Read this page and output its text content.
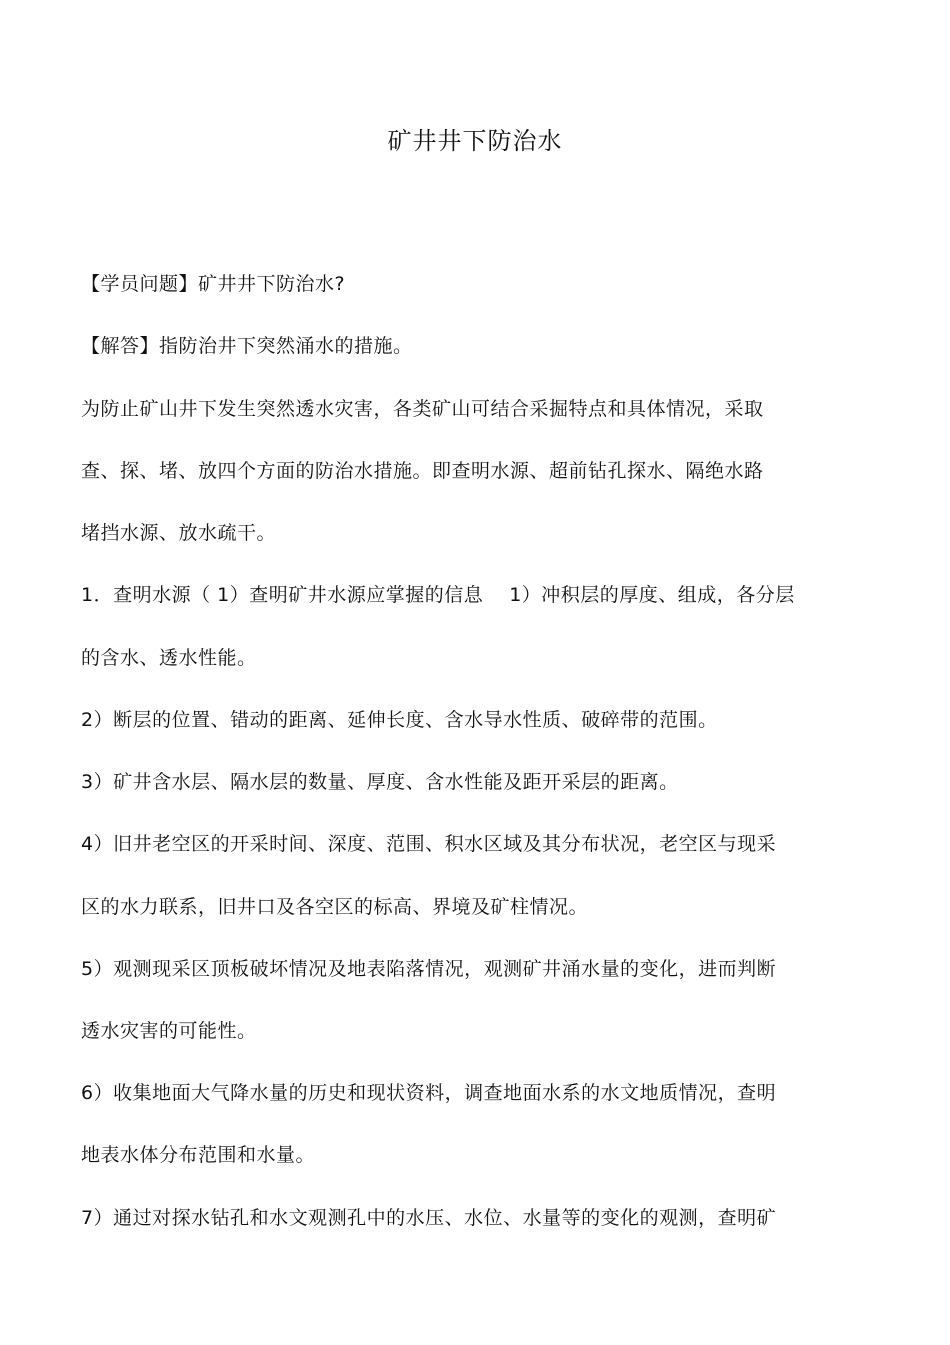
矿井井下防治水
【学员问题】矿井井下防治水?
【解答】指防治井下突然涌水的措施。
为防止矿山井下发生突然透水灾害，各类矿山可结合采掘特点和具体情况，采取
查、探、堵、放四个方面的防治水措施。即查明水源、超前钻孔探水、隔绝水路
堵挡水源、放水疏干。
1．查明水源（ 1）查明矿井水源应掌握的信息 1）冲积层的厚度、组成，各分层
的含水、透水性能。
2）断层的位置、错动的距离、延伸长度、含水导水性质、破碎带的范围。
3）矿井含水层、隔水层的数量、厚度、含水性能及距开采层的距离。
4）旧井老空区的开采时间、深度、范围、积水区域及其分布状况，老空区与现采
区的水力联系，旧井口及各空区的标高、界境及矿柱情况。
5）观测现采区顶板破坏情况及地表陷落情况，观测矿井涌水量的变化，进而判断
透水灾害的可能性。
6）收集地面大气降水量的历史和现状资料，调查地面水系的水文地质情况，查明
地表水体分布范围和水量。
7）通过对探水钻孔和水文观测孔中的水压、水位、水量等的变化的观测，查明矿
